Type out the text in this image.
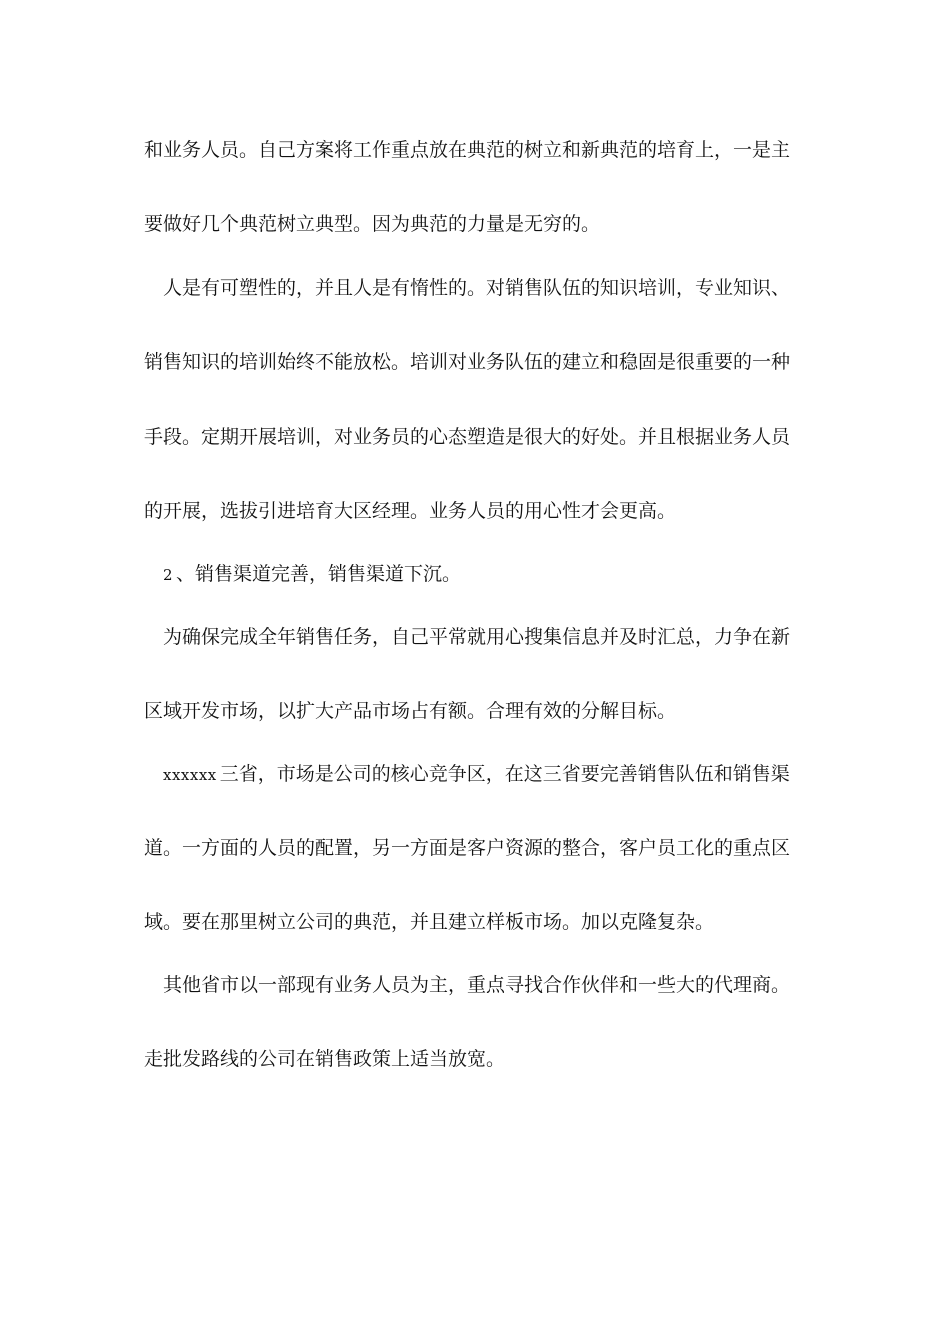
和业务人员。自己方案将工作重点放在典范的树立和新典范的培育上，一是主
要做好几个典范树立典型。因为典范的力量是无穷的。
人是有可塑性的，并且人是有惰性的。对销售队伍的知识培训，专业知识、
销售知识的培训始终不能放松。培训对业务队伍的建立和稳固是很重要的一种
手段。定期开展培训，对业务员的心态塑造是很大的好处。并且根据业务人员
的开展，选拔引进培育大区经理。业务人员的用心性才会更高。
2 、销售渠道完善，销售渠道下沉。
为确保完成全年销售任务，自己平常就用心搜集信息并及时汇总，力争在新
区域开发市场，以扩大产品市场占有额。合理有效的分解目标。
xxxxxx 三省，市场是公司的核心竞争区，在这三省要完善销售队伍和销售渠
道。一方面的人员的配置，另一方面是客户资源的整合，客户员工化的重点区
域。要在那里树立公司的典范，并且建立样板市场。加以克隆复杂。
其他省市以一部现有业务人员为主，重点寻找合作伙伴和一些大的代理商。
走批发路线的公司在销售政策上适当放宽。
